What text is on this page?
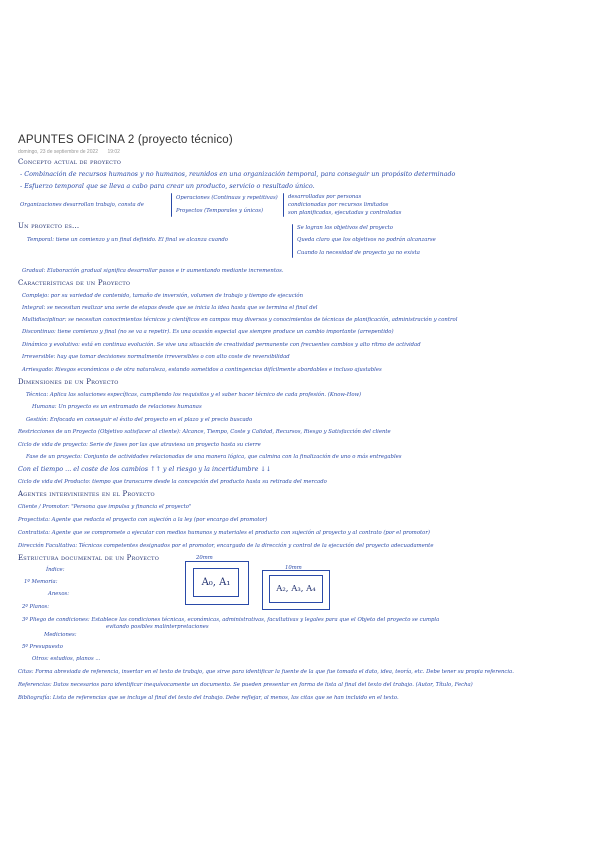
APUNTES OFICINA 2 (proyecto técnico)
domingo, 23 de septiembre de 2022 19:02
Concepto actual de proyecto
- Combinación de recursos humanos y no humanos, reunidos en una organización temporal, para conseguir un propósito determinado
- Esfuerzo temporal que se lleva a cabo para crear un producto, servicio o resultado único.
Organizaciones desarrollan trabajo, consta de
Operaciones (Continuas y repetitivas)
Proyectos (Temporales y únicos)
desarrolladas por personas
condicionadas por recursos limitados
son planificadas, ejecutadas y controladas
Un proyecto es...
Temporal: tiene un comienzo y un final definido. El final se alcanza cuando
Se logran los objetivos del proyecto
Queda claro que los objetivos no podrán alcanzarse
Cuando la necesidad de proyecto ya no exista
Gradual: Elaboración gradual significa desarrollar pasos e ir aumentando mediante incrementos.
Características de un Proyecto
Complejo: por su variedad de contenido, tamaño de inversión, volumen de trabajo y tiempo de ejecución
Integral: se necesitan realizar una serie de etapas desde que se inicia la idea hasta que se termina el final del
Multidisciplinar: se necesitan conocimientos técnicos y científicos en campos muy diversos y conocimientos de técnicas de planificación, administración y control
Discontinuo: tiene comienzo y final (no se va a repetir). Es una ocasión especial que siempre produce un cambio importante (arrepentido)
Dinámico y evolutivo: está en continua evolución. Se vive una situación de creatividad permanente con frecuentes cambios y alto ritmo de actividad
Irreversible: hay que tomar decisiones normalmente irreversibles o con alto coste de reversibilidad
Arriesgado: Riesgos económicos o de otra naturaleza, estando sometidos a contingencias difícilmente abordables e incluso ajustables
Dimensiones de un Proyecto
Técnica: Aplica las soluciones específicas, cumpliendo los requisitos y el saber hacer técnico de cada profesión. (Know-How)
Humana: Un proyecto es un entramado de relaciones humanas
Gestión: Enfocada en conseguir el éxito del proyecto en el plazo y el precio buscado
Restricciones de un Proyecto (Objetivo satisfacer al cliente): Alcance, Tiempo, Coste y Calidad, Recursos, Riesgo y Satisfacción del cliente
Ciclo de vida de proyecto: Serie de fases por las que atraviesa un proyecto hasta su cierre
Fase de un proyecto: Conjunto de actividades relacionadas de una manera lógica, que culmina con la finalización de uno o más entregables
Con el tiempo ... el coste de los cambios ↑↑ y el riesgo y la incertidumbre ↓↓
Ciclo de vida del Producto: tiempo que transcurre desde la concepción del producto hasta su retirada del mercado
Agentes intervinientes en el Proyecto
Cliente / Promotor: "Persona que impulsa y financia el proyecto"
Proyectista: Agente que redacta el proyecto con sujeción a la ley (por encargo del promotor)
Contratista: Agente que se compromete a ejecutar con medios humanos y materiales el producto con sujeción al proyecto y al contrato (por el promotor)
Dirección Facultativa: Técnicos competentes designados por el promotor, encargado de la dirección y control de la ejecución del proyecto adecuadamente
Estructura documental de un Proyecto
Índice:
1º Memoria:
Anexos:
2º Planos:
3º Pliego de condiciones: Establece las condiciones técnicas, económicas, administrativas, facultativas y legales para que el Objeto del proyecto se cumpla
evitando posibles malinterpretaciones
Mediciones:
5º Presupuesto
Otros: estudios, planos ...
20mm
A₀, A₁
10mm
A₂, A₃, A₄
Citas: Forma abreviada de referencia, insertar en el texto de trabajo, que sirve para identificar la fuente de la que fue tomada el dato, idea, teoría, etc. Debe tener su propia referencia.
Referencias: Datos necesarios para identificar inequívocamente un documento. Se pueden presentar en forma de lista al final del texto del trabajo. (Autor, Título, Fecha)
Bibliografía: Lista de referencias que se incluye al final del texto del trabajo. Debe reflejar, al menos, las citas que se han incluido en el texto.
